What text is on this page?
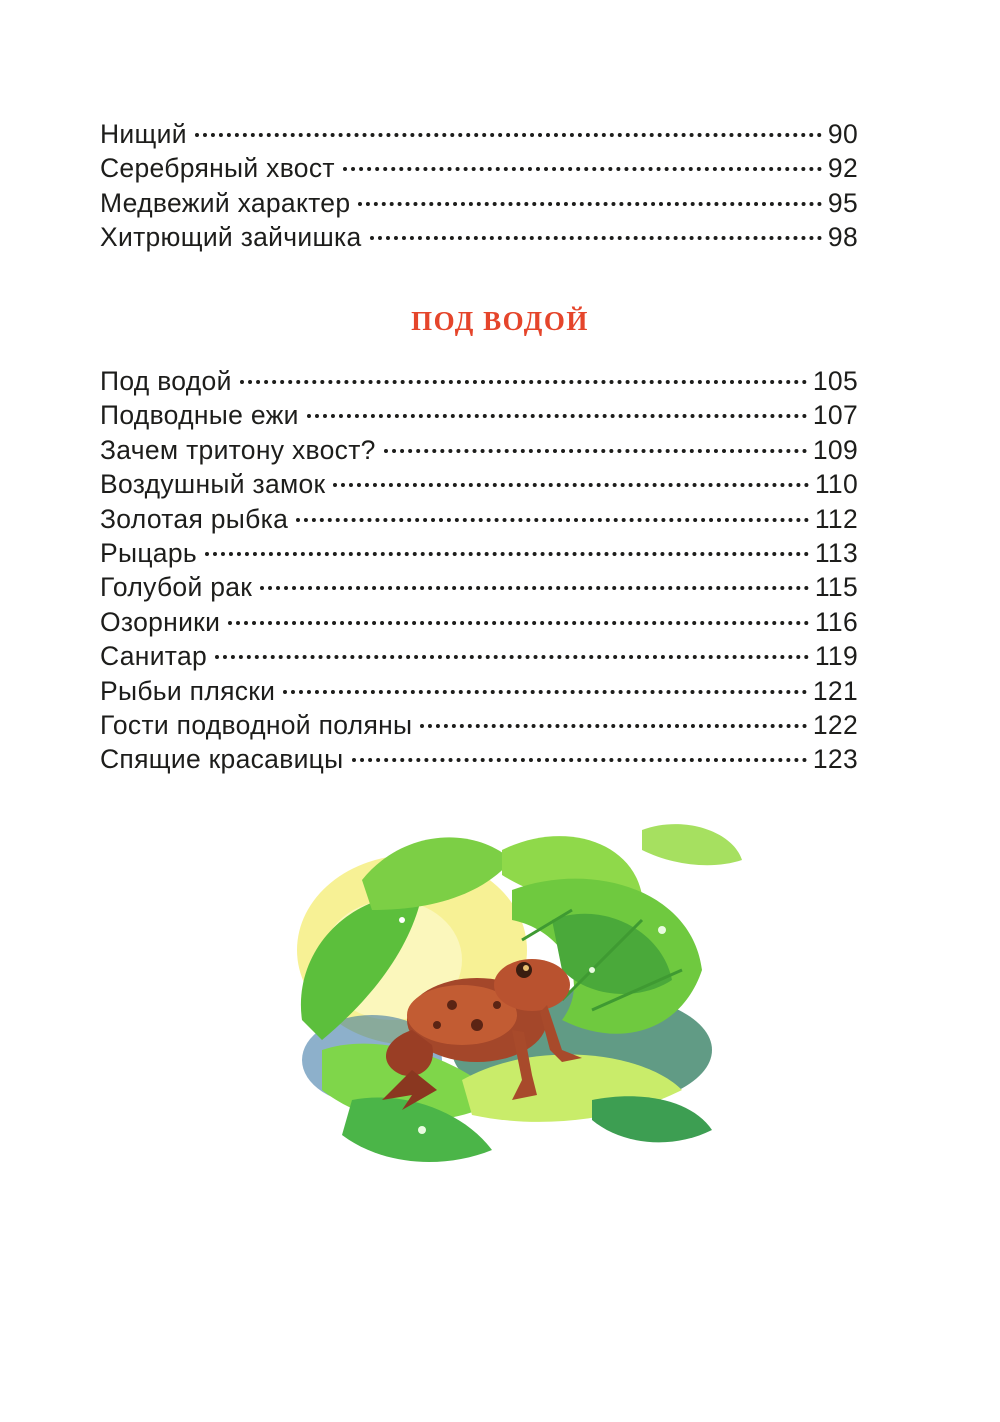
Нищий	90
Серебряный хвост	92
Медвежий характер	95
Хитрющий зайчишка	98
ПОД ВОДОЙ
Под водой	105
Подводные ежи	107
Зачем тритону хвост?	109
Воздушный замок	110
Золотая рыбка	112
Рыцарь	113
Голубой рак	115
Озорники	116
Санитар	119
Рыбьи пляски	121
Гости подводной поляны	122
Спящие красавицы	123
